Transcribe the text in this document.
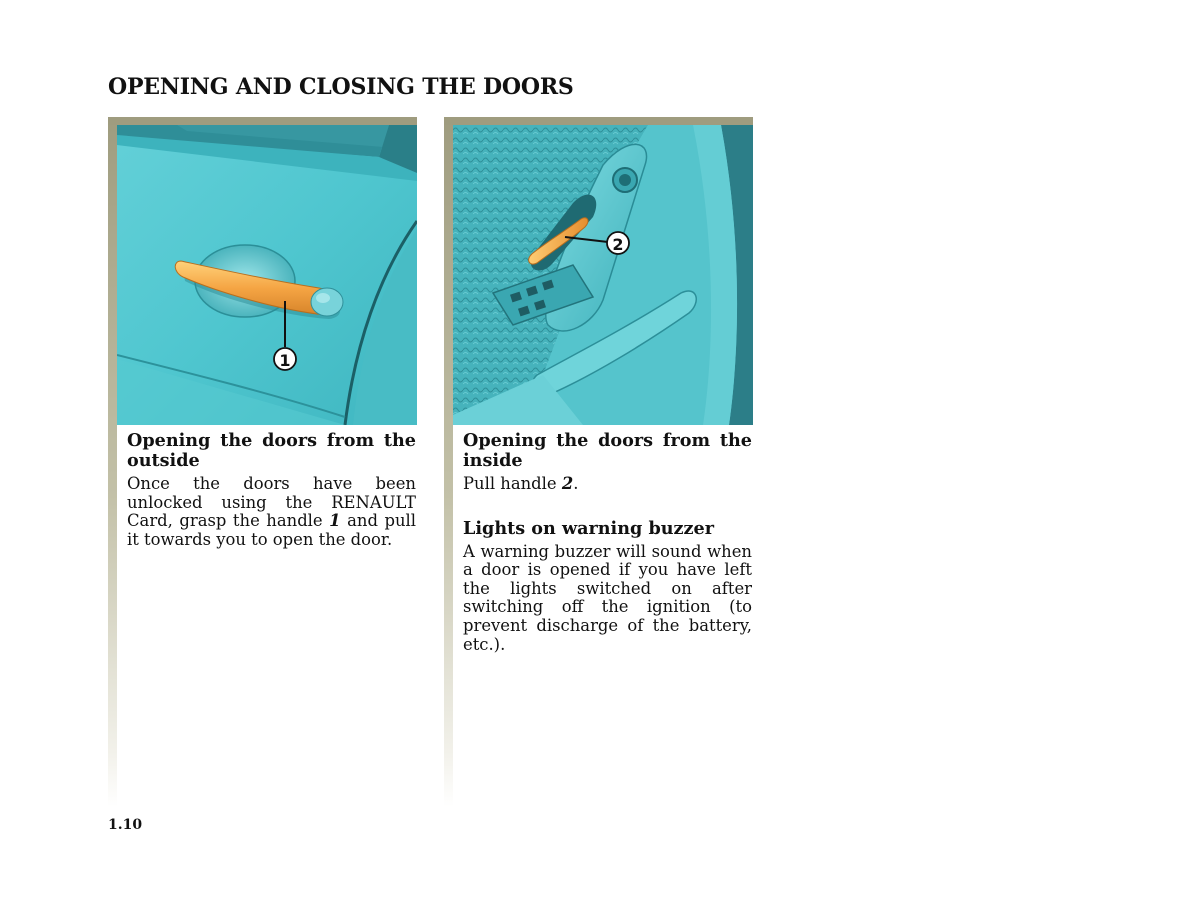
OPENING AND CLOSING THE DOORS
1
Opening the doors from the outside

Once the doors have been unlocked using the RENAULT Card, grasp the handle 1 and pull it towards you to open the door.

2
Opening the doors from the inside

Pull handle 2.

Lights on warning buzzer

A warning buzzer will sound when a door is opened if you have left the lights switched on after switching off the ignition (to prevent discharge of the battery, etc.).

1.10
